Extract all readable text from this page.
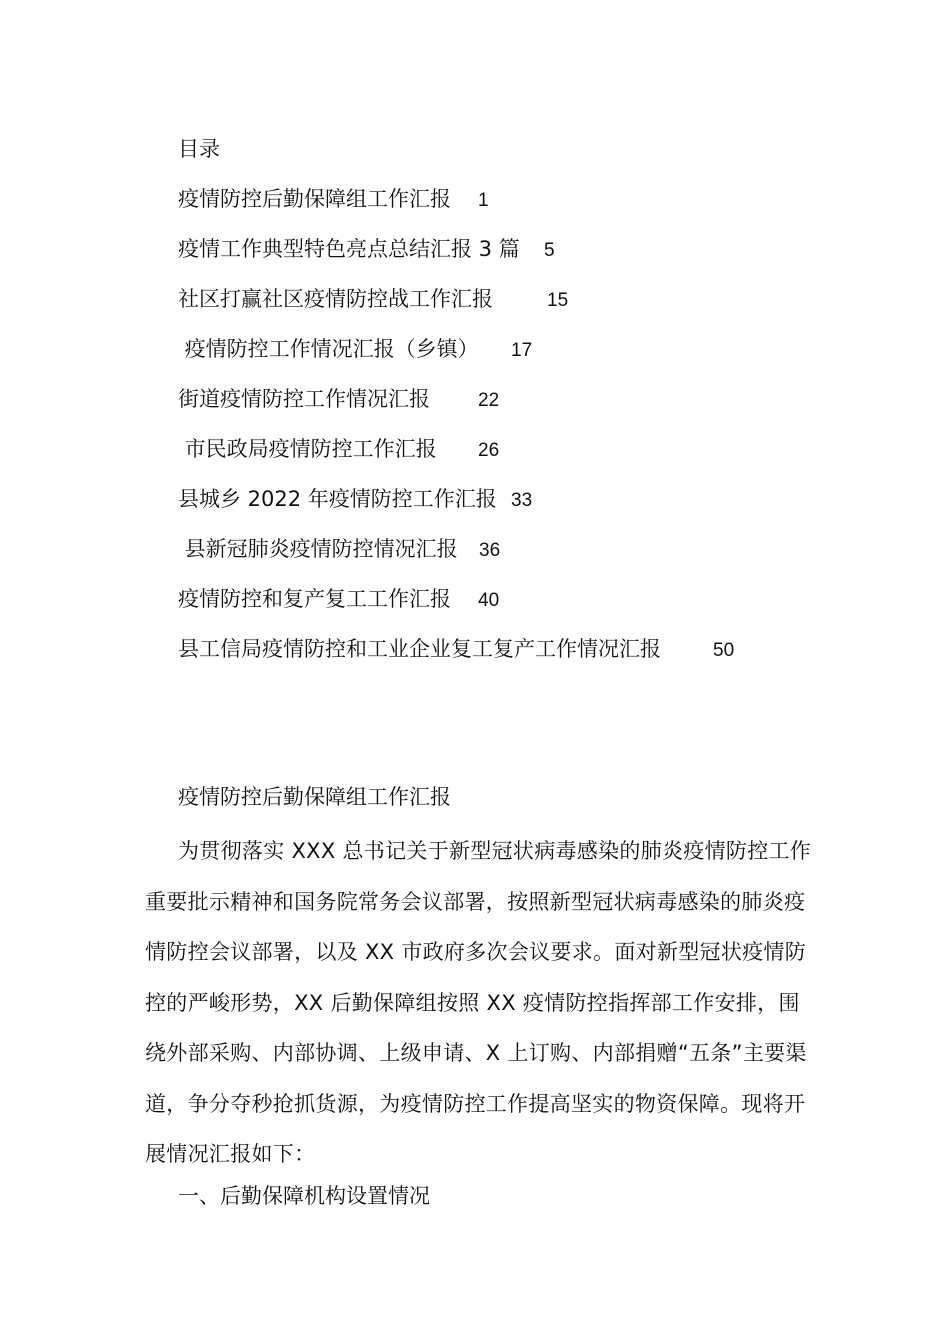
目录
疫情防控后勤保障组工作汇报 1
疫情工作典型特色亮点总结汇报 3 篇 5
社区打赢社区疫情防控战工作汇报	15
疫情防控工作情况汇报（乡镇） 17
街道疫情防控工作情况汇报	22
市民政局疫情防控工作汇报 26
县城乡 2022 年疫情防控工作汇报 33
县新冠肺炎疫情防控情况汇报 36
疫情防控和复产复工工作汇报 40
县工信局疫情防控和工业企业复工复产工作情况汇报	50
疫情防控后勤保障组工作汇报

为贯彻落实 XXX 总书记关于新型冠状病毒感染的肺炎疫情防控工作重要批示精神和国务院常务会议部署，按照新型冠状病毒感染的肺炎疫情防控会议部署，以及 XX 市政府多次会议要求。面对新型冠状疫情防控的严峻形势，XX 后勤保障组按照 XX 疫情防控指挥部工作安排，围绕外部采购、内部协调、上级申请、X 上订购、内部捐赠“五条”主要渠道，争分夺秒抢抓货源，为疫情防控工作提高坚实的物资保障。现将开展情况汇报如下：

一、后勤保障机构设置情况
